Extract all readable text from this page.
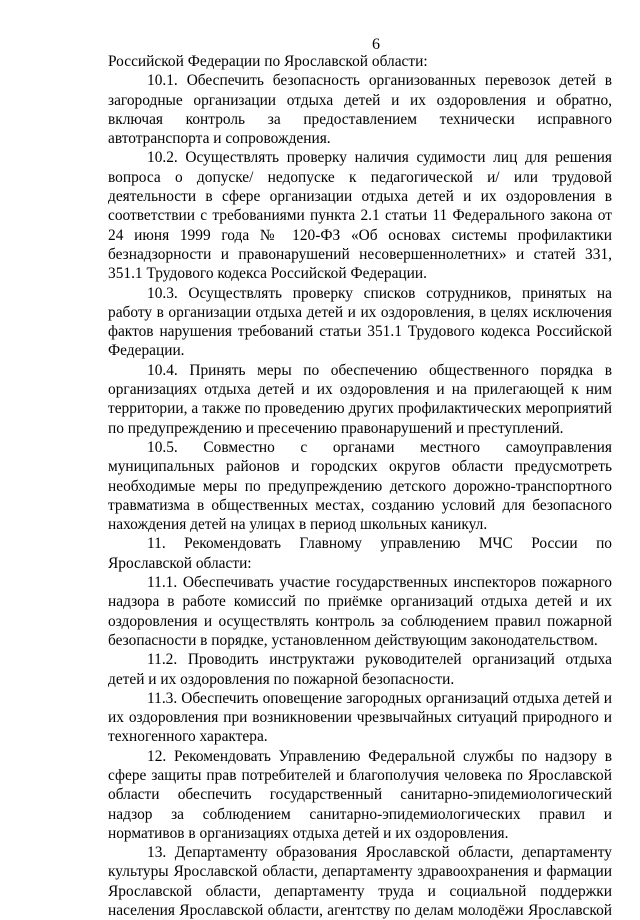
6

Российской Федерации по Ярославской области:

10.1. Обеспечить безопасность организованных перевозок детей в загородные организации отдыха детей и их оздоровления и обратно, включая контроль за предоставлением технически исправного автотранспорта и сопровождения.

10.2. Осуществлять проверку наличия судимости лиц для решения вопроса о допуске/ недопуске к педагогической и/ или трудовой деятельности в сфере организации отдыха детей и их оздоровления в соответствии с требованиями пункта 2.1 статьи 11 Федерального закона от 24 июня 1999 года № 120-ФЗ «Об основах системы профилактики безнадзорности и правонарушений несовершеннолетних» и статей 331, 351.1 Трудового кодекса Российской Федерации.

10.3. Осуществлять проверку списков сотрудников, принятых на работу в организации отдыха детей и их оздоровления, в целях исключения фактов нарушения требований статьи 351.1 Трудового кодекса Российской Федерации.

10.4. Принять меры по обеспечению общественного порядка в организациях отдыха детей и их оздоровления и на прилегающей к ним территории, а также по проведению других профилактических мероприятий по предупреждению и пресечению правонарушений и преступлений.

10.5. Совместно с органами местного самоуправления муниципальных районов и городских округов области предусмотреть необходимые меры по предупреждению детского дорожно-транспортного травматизма в общественных местах, созданию условий для безопасного нахождения детей на улицах в период школьных каникул.

11. Рекомендовать Главному управлению МЧС России по Ярославской области:

11.1. Обеспечивать участие государственных инспекторов пожарного надзора в работе комиссий по приёмке организаций отдыха детей и их оздоровления и осуществлять контроль за соблюдением правил пожарной безопасности в порядке, установленном действующим законодательством.

11.2. Проводить инструктажи руководителей организаций отдыха детей и их оздоровления по пожарной безопасности.

11.3. Обеспечить оповещение загородных организаций отдыха детей и их оздоровления при возникновении чрезвычайных ситуаций природного и техногенного характера.

12. Рекомендовать Управлению Федеральной службы по надзору в сфере защиты прав потребителей и благополучия человека по Ярославской области обеспечить государственный санитарно-эпидемиологический надзор за соблюдением санитарно-эпидемиологических правил и нормативов в организациях отдыха детей и их оздоровления.

13. Департаменту образования Ярославской области, департаменту культуры Ярославской области, департаменту здравоохранения и фармации Ярославской области, департаменту труда и социальной поддержки населения Ярославской области, агентству по делам молодёжи Ярославской
